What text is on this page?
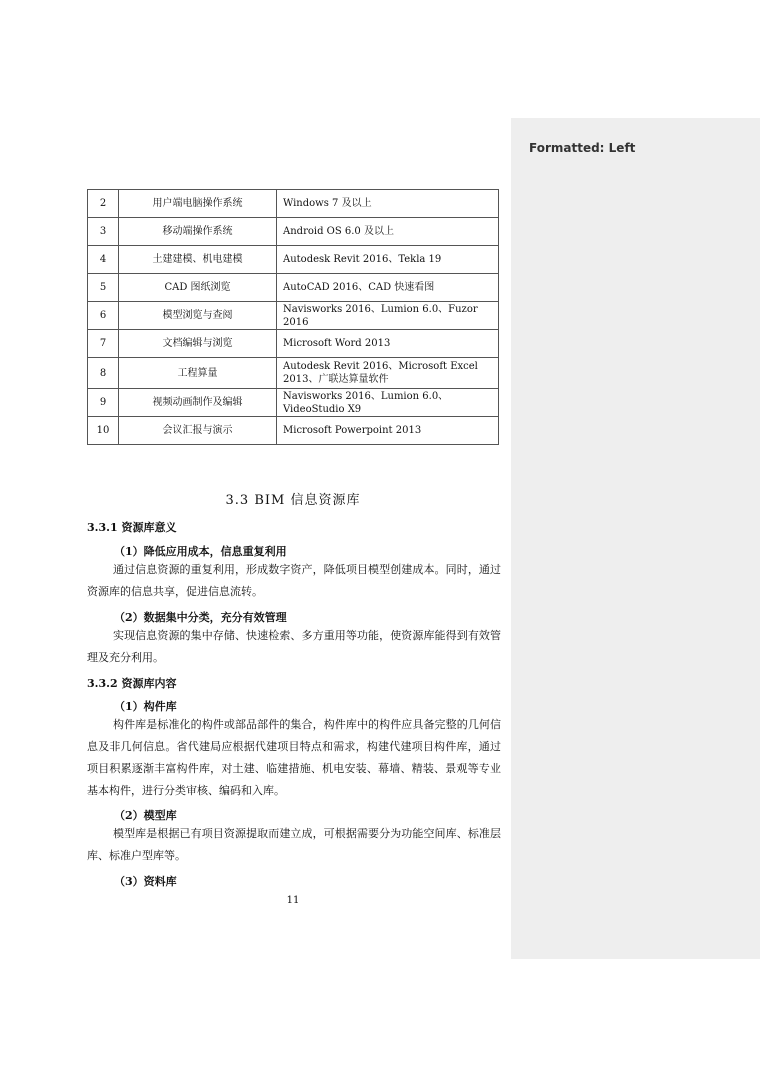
Formatted: Left
2	用户端电脑操作系统	Windows 7 及以上
3	移动端操作系统	Android OS 6.0 及以上
4	土建建模、机电建模	Autodesk Revit 2016、Tekla 19
5	CAD 图纸浏览	AutoCAD 2016、CAD 快速看图
6	模型浏览与查阅	Navisworks 2016、Lumion 6.0、Fuzor 2016
7	文档编辑与浏览	Microsoft Word 2013
8	工程算量	Autodesk Revit 2016、Microsoft Excel 2013、广联达算量软件
9	视频动画制作及编辑	Navisworks 2016、Lumion 6.0、VideoStudio X9
10	会议汇报与演示	Microsoft Powerpoint 2013
3.3 BIM 信息资源库
3.3.1 资源库意义
（1）降低应用成本，信息重复利用
通过信息资源的重复利用，形成数字资产，降低项目模型创建成本。同时，通过资源库的信息共享，促进信息流转。
（2）数据集中分类，充分有效管理
实现信息资源的集中存储、快速检索、多方重用等功能，使资源库能得到有效管理及充分利用。
3.3.2 资源库内容
（1）构件库
构件库是标准化的构件或部品部件的集合，构件库中的构件应具备完整的几何信息及非几何信息。省代建局应根据代建项目特点和需求，构建代建项目构件库，通过项目积累逐渐丰富构件库，对土建、临建措施、机电安装、幕墙、精装、景观等专业基本构件，进行分类审核、编码和入库。
（2）模型库
模型库是根据已有项目资源提取而建立成，可根据需要分为功能空间库、标准层库、标准户型库等。
（3）资料库
11
